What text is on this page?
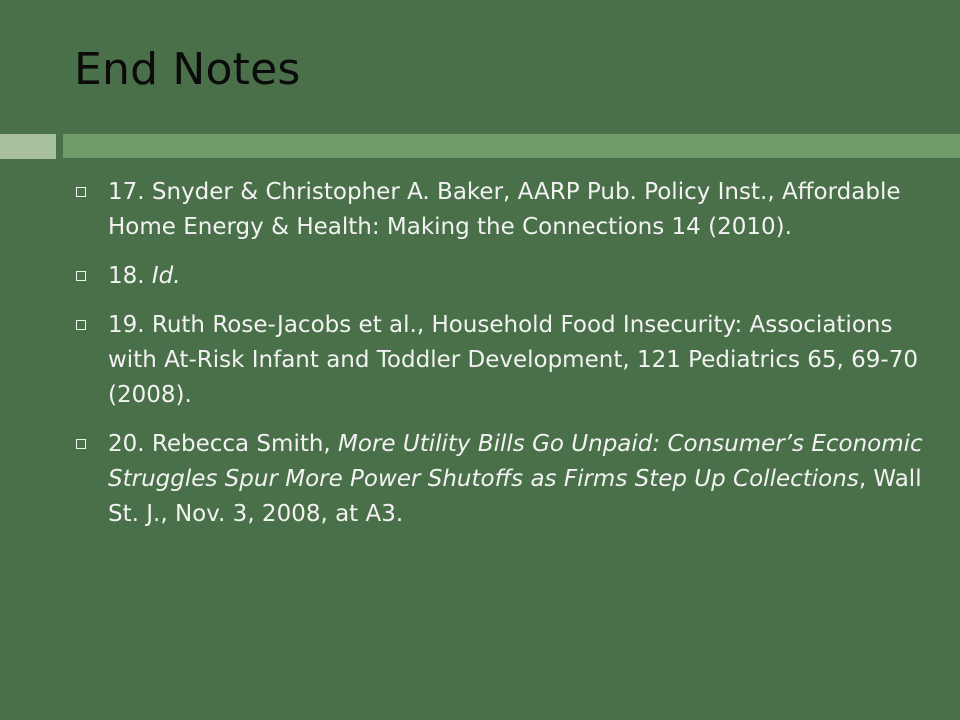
End Notes
17. Snyder & Christopher A. Baker, AARP Pub. Policy Inst., Affordable Home Energy & Health: Making the Connections 14 (2010).
18. Id.
19. Ruth Rose-Jacobs et al., Household Food Insecurity: Associations with At-Risk Infant and Toddler Development, 121 Pediatrics 65, 69-70 (2008).
20. Rebecca Smith, More Utility Bills Go Unpaid: Consumer’s Economic Struggles Spur More Power Shutoffs as Firms Step Up Collections, Wall St. J., Nov. 3, 2008, at A3.
